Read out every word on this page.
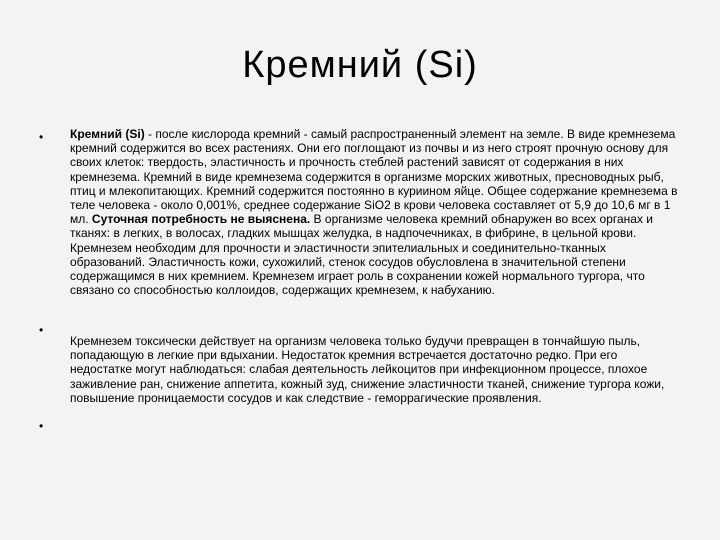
Кремний (Si)
• Кремний (Si) - после кислорода кремний - самый распространенный элемент на земле. В виде кремнезема кремний содержится во всех растениях. Они его поглощают из почвы и из него строят прочную основу для своих клеток: твердость, эластичность и прочность стеблей растений зависят от содержания в них кремнезема. Кремний в виде кремнезема содержится в организме морских животных, пресноводных рыб, птиц и млекопитающих. Кремний содержится постоянно в куриином яйце. Общее содержание кремнезема в теле человека - около 0,001%, среднее содержание SiO2 в крови человека составляет от 5,9 до 10,6 мг в 1 мл. Суточная потребность не выяснена. В организме человека кремний обнаружен во всех органах и тканях: в легких, в волосах, гладких мышцах желудка, в надпочечниках, в фибрине, в цельной крови. Кремнезем необходим для прочности и эластичности эпителиальных и соединительно-тканных образований. Эластичность кожи, сухожилий, стенок сосудов обусловлена в значительной степени содержащимся в них кремнием. Кремнезем играет роль в сохранении кожей нормального тургора, что связано со способностью коллоидов, содержащих кремнезем, к набуханию.
•
Кремнезем токсически действует на организм человека только будучи превращен в тончайшую пыль, попадающую в легкие при вдыхании. Недостаток кремния встречается достаточно редко. При его недостатке могут наблюдаться: слабая деятельность лейкоцитов при инфекционном процессе, плохое заживление ран, снижение аппетита, кожный зуд, снижение эластичности тканей, снижение тургора кожи, повышение проницаемости сосудов и как следствие - геморрагические проявления.
•
